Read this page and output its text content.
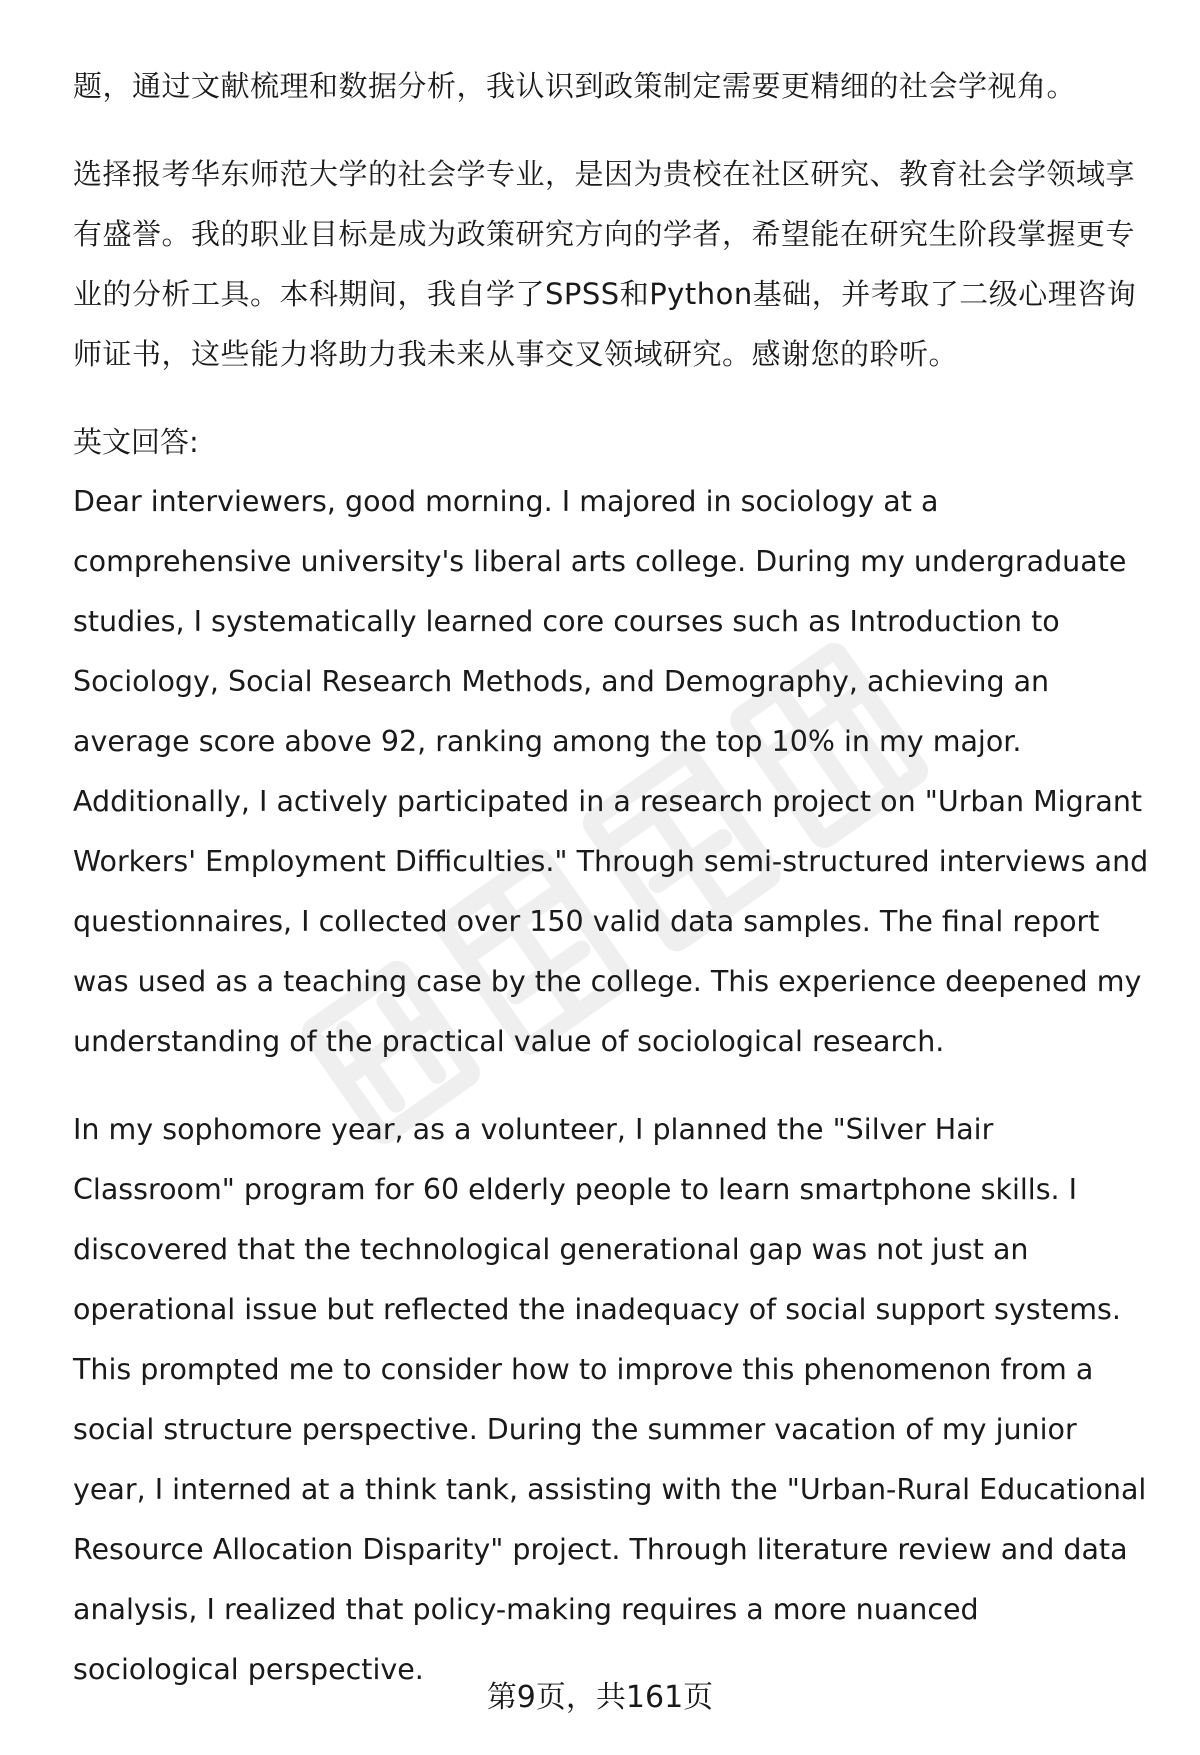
题，通过文献梳理和数据分析，我认识到政策制定需要更精细的社会学视角。

选择报考华东师范大学的社会学专业，是因为贵校在社区研究、教育社会学领域享有盛誉。我的职业目标是成为政策研究方向的学者，希望能在研究生阶段掌握更专业的分析工具。本科期间，我自学了SPSS和Python基础，并考取了二级心理咨询师证书，这些能力将助力我未来从事交叉领域研究。感谢您的聆听。

英文回答:

Dear interviewers, good morning. I majored in sociology at a comprehensive university's liberal arts college. During my undergraduate studies, I systematically learned core courses such as Introduction to Sociology, Social Research Methods, and Demography, achieving an average score above 92, ranking among the top 10% in my major. Additionally, I actively participated in a research project on "Urban Migrant Workers' Employment Difficulties." Through semi-structured interviews and questionnaires, I collected over 150 valid data samples. The final report was used as a teaching case by the college. This experience deepened my understanding of the practical value of sociological research.

In my sophomore year, as a volunteer, I planned the "Silver Hair Classroom" program for 60 elderly people to learn smartphone skills. I discovered that the technological generational gap was not just an operational issue but reflected the inadequacy of social support systems. This prompted me to consider how to improve this phenomenon from a social structure perspective. During the summer vacation of my junior year, I interned at a think tank, assisting with the "Urban-Rural Educational Resource Allocation Disparity" project. Through literature review and data analysis, I realized that policy-making requires a more nuanced sociological perspective.

第9页，共161页
